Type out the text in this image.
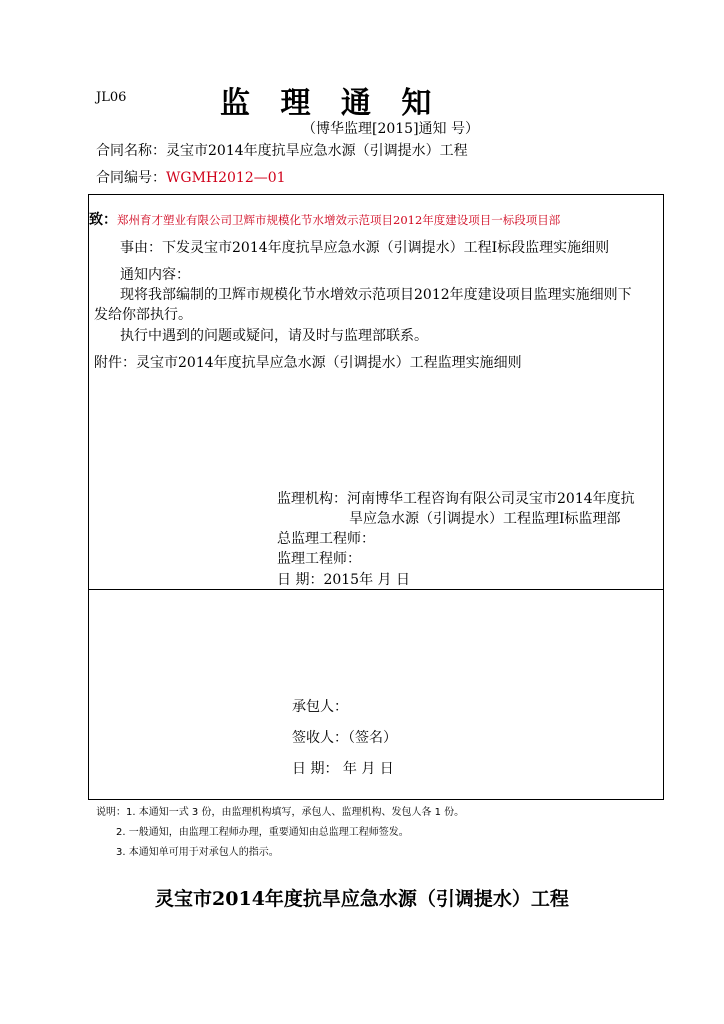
JL06	监 理 通 知
（博华监理[2015]通知 号）
合同名称：灵宝市2014年度抗旱应急水源（引调提水）工程
合同编号：WGMH2012—01
致：郑州育才塑业有限公司卫辉市规模化节水增效示范项目2012年度建设项目一标段项目部
事由：下发灵宝市2014年度抗旱应急水源（引调提水）工程Ⅰ标段监理实施细则
通知内容：
现将我部编制的卫辉市规模化节水增效示范项目2012年度建设项目监理实施细则下
发给你部执行。
执行中遇到的问题或疑问，请及时与监理部联系。
附件：灵宝市2014年度抗旱应急水源（引调提水）工程监理实施细则
监理机构：河南博华工程咨询有限公司灵宝市2014年度抗
旱应急水源（引调提水）工程监理Ⅰ标监理部
总监理工程师：
监理工程师：
日 期：2015年 月 日
承包人：
签收人：（签名）
日 期： 年 月 日
说明：1. 本通知一式 3 份，由监理机构填写，承包人、监理机构、发包人各 1 份。
2. 一般通知，由监理工程师办理，重要通知由总监理工程师签发。
3. 本通知单可用于对承包人的指示。
灵宝市2014年度抗旱应急水源（引调提水）工程
